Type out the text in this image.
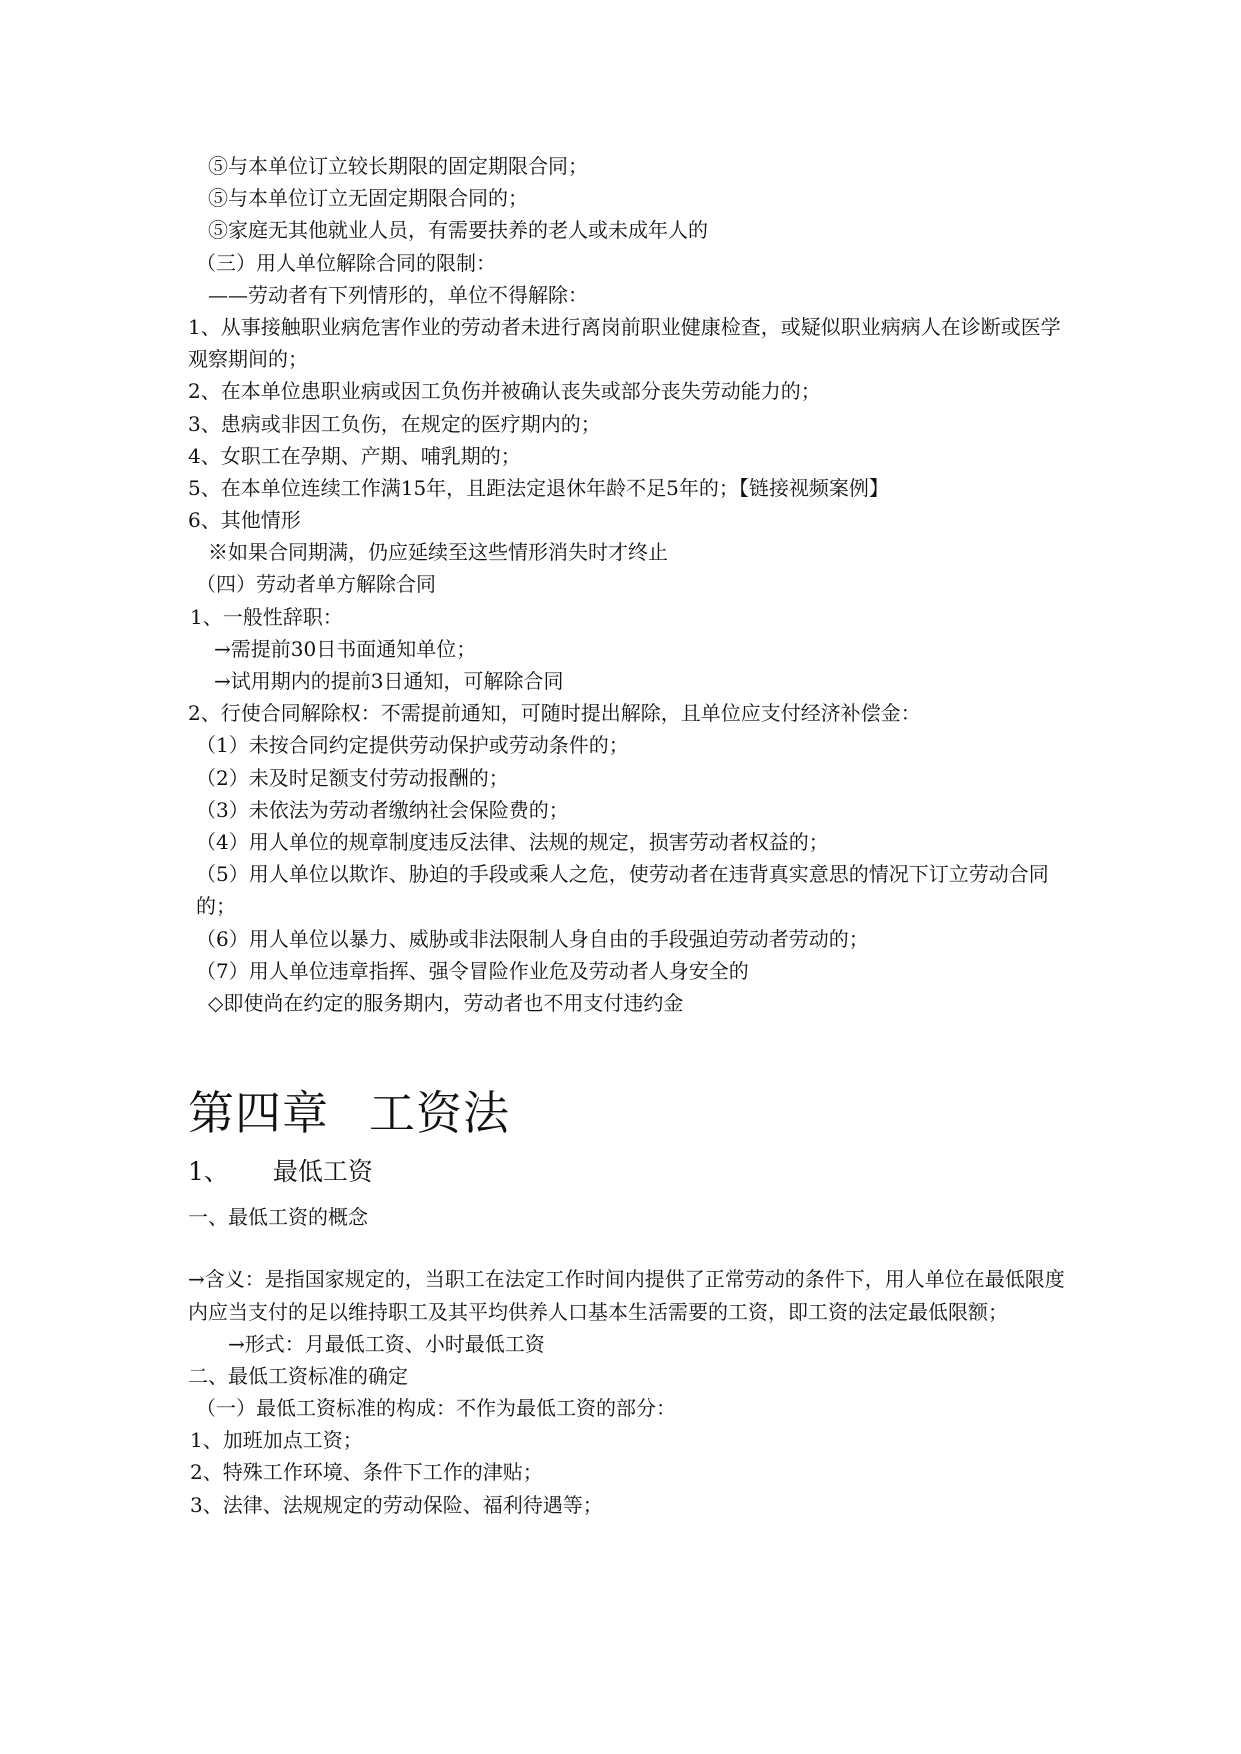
⑤与本单位订立较长期限的固定期限合同；
⑤与本单位订立无固定期限合同的；
⑤家庭无其他就业人员，有需要扶养的老人或未成年人的
（三）用人单位解除合同的限制：
——劳动者有下列情形的，单位不得解除：
1、从事接触职业病危害作业的劳动者未进行离岗前职业健康检查，或疑似职业病病人在诊断或医学观察期间的；
2、在本单位患职业病或因工负伤并被确认丧失或部分丧失劳动能力的；
3、患病或非因工负伤，在规定的医疗期内的；
4、女职工在孕期、产期、哺乳期的；
5、在本单位连续工作满15年，且距法定退休年龄不足5年的；【链接视频案例】
6、其他情形
※如果合同期满，仍应延续至这些情形消失时才终止
（四）劳动者单方解除合同
1、一般性辞职：
→需提前30日书面通知单位；
→试用期内的提前3日通知，可解除合同
2、行使合同解除权：不需提前通知，可随时提出解除，且单位应支付经济补偿金：
（1）未按合同约定提供劳动保护或劳动条件的；
（2）未及时足额支付劳动报酬的；
（3）未依法为劳动者缴纳社会保险费的；
（4）用人单位的规章制度违反法律、法规的规定，损害劳动者权益的；
（5）用人单位以欺诈、胁迫的手段或乘人之危，使劳动者在违背真实意思的情况下订立劳动合同的；
（6）用人单位以暴力、威胁或非法限制人身自由的手段强迫劳动者劳动的；
（7）用人单位违章指挥、强令冒险作业危及劳动者人身安全的
◇即使尚在约定的服务期内，劳动者也不用支付违约金
第四章 工资法
1、 最低工资
一、最低工资的概念
→含义：是指国家规定的，当职工在法定工作时间内提供了正常劳动的条件下，用人单位在最低限度内应当支付的足以维持职工及其平均供养人口基本生活需要的工资，即工资的法定最低限额；
→形式：月最低工资、小时最低工资
二、最低工资标准的确定
（一）最低工资标准的构成：不作为最低工资的部分：
1、加班加点工资；
2、特殊工作环境、条件下工作的津贴；
3、法律、法规规定的劳动保险、福利待遇等；
